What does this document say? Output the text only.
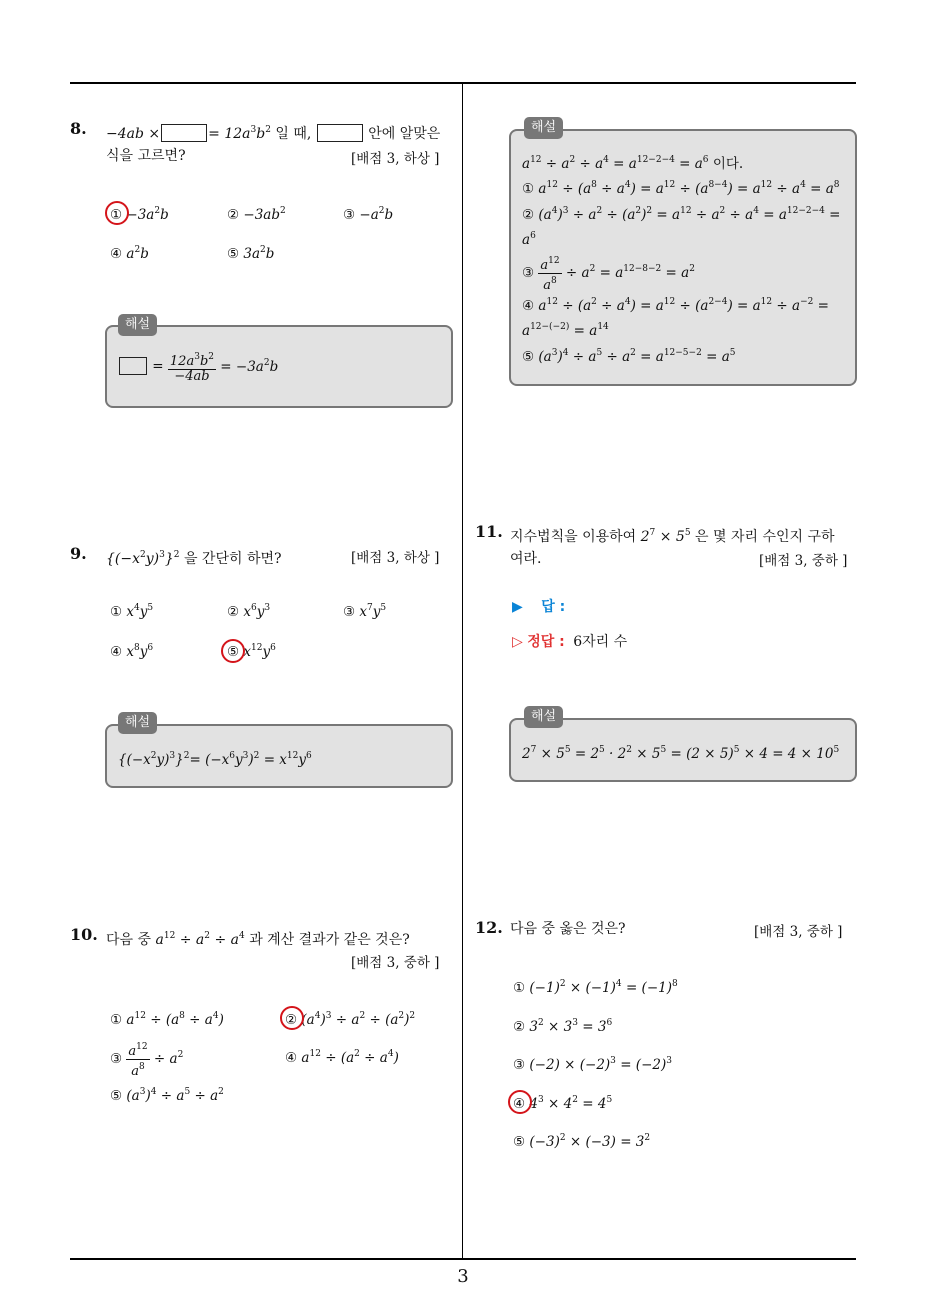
3
8. −4ab ×	= $12a^3b^2$ 일 때,	안에 알맞은
식을 고르면?	[배점 3, 하상 ]
① $-3a^2b$	② $-3ab^2$	③ $-a^2b$
④ $a^2b$	⑤ $3a^2b$
해설
= $\frac{12a^3b^2}{-4ab} = -3a^2b$
9. $\{(-x^2y)^3\}^2$ 을 간단히 하면?	[배점 3, 하상 ]
① $x^4y^5$	② $x^6y^3$	③ $x^7y^5$
④ $x^8y^6$	⑤ $x^{12}y^6$
해설
$\{(-x^2y)^3\}^2= (-x^6y^3)^2 = x^{12}y^6$
10. 다음 중 $a^{12} \div a^2 \div a^4$ 과 계산 결과가 같은 것은?
[배점 3, 중하 ]
① $a^{12} \div (a^8 \div a^4)$	② $(a^4)^3 \div a^2 \div (a^2)^2$
③ $\frac{a^{12}}{a^8} \div a^2$	④ $a^{12} \div (a^2 \div a^4)$
⑤ $(a^3)^4 \div a^5 \div a^2$
해설
$a^{12} \div a^2 \div a^4 = a^{12-2-4} = a^6$ 이다.
① $a^{12} \div (a^8 \div a^4) = a^{12} \div (a^{8-4}) = a^{12} \div a^4 = a^8$
② $(a^4)^3 \div a^2 \div (a^2)^2 = a^{12} \div a^2 \div a^4 = a^{12-2-4}$ =
$a^6$
③ $\frac{a^{12}}{a^8} \div a^2 = a^{12-8-2} = a^2$
④ $a^{12} \div (a^2 \div a^4) = a^{12} \div (a^{2-4}) = a^{12} \div a^{-2}$ =
$a^{12-(-2)} = a^{14}$
⑤ $(a^3)^4 \div a^5 \div a^2 = a^{12-5-2} = a^5$
11. 지수법칙을 이용하여 $2^7 \times 5^5$ 은 몇 자리 수인지 구하
여라.	[배점 3, 중하 ]
▶ 답 :
▷ 정답 : 6자리 수
해설
$2^7 \times 5^5 = 2^5 \cdot 2^2 \times 5^5 = (2 \times 5)^5 \times 4 = 4 \times 10^5$
12. 다음 중 옳은 것은?	[배점 3, 중하 ]
① $(-1)^2 \times (-1)^4 = (-1)^8$
② $3^2 \times 3^3 = 3^6$
③ $(-2) \times (-2)^3 = (-2)^3$
④ $4^3 \times 4^2 = 4^5$
⑤ $(-3)^2 \times (-3) = 3^2$
